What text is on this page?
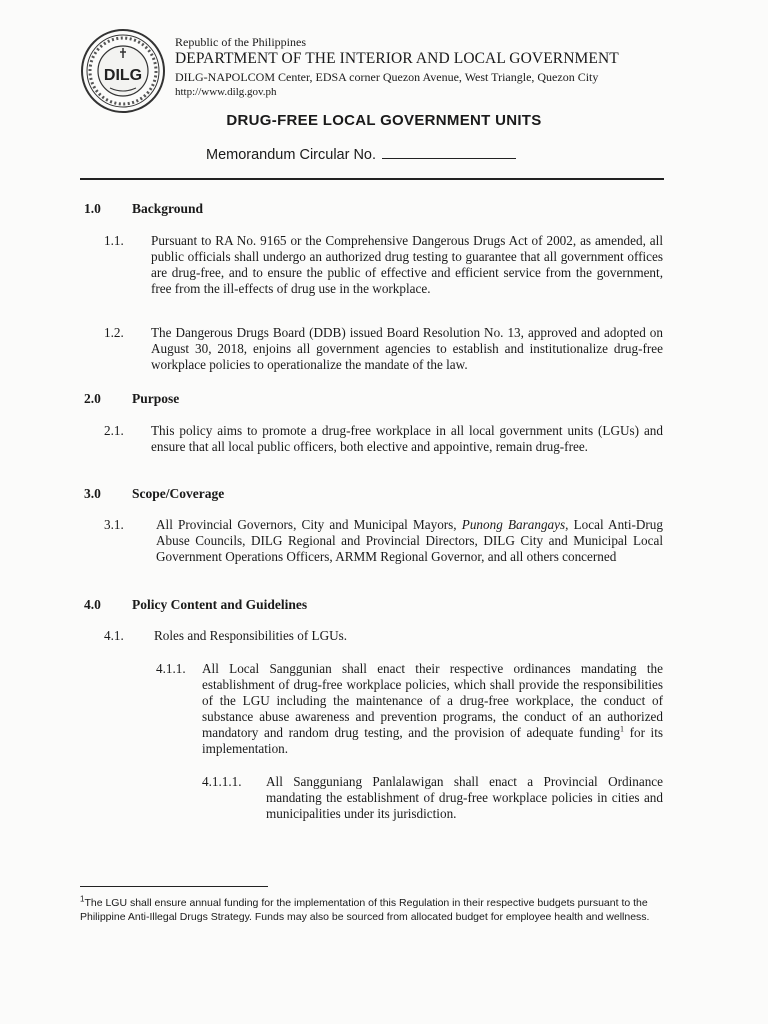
DILG
Republic of the Philippines
DEPARTMENT OF THE INTERIOR AND LOCAL GOVERNMENT
DILG-NAPOLCOM Center, EDSA corner Quezon Avenue, West Triangle, Quezon City
http://www.dilg.gov.ph
DRUG-FREE LOCAL GOVERNMENT UNITS
Memorandum Circular No.
1.0 Background
1.1. Pursuant to RA No. 9165 or the Comprehensive Dangerous Drugs Act of 2002, as amended, all public officials shall undergo an authorized drug testing to guarantee that all government offices are drug-free, and to ensure the public of effective and efficient service from the government, free from the ill-effects of drug use in the workplace.
1.2. The Dangerous Drugs Board (DDB) issued Board Resolution No. 13, approved and adopted on August 30, 2018, enjoins all government agencies to establish and institutionalize drug-free workplace policies to operationalize the mandate of the law.
2.0 Purpose
2.1. This policy aims to promote a drug-free workplace in all local government units (LGUs) and ensure that all local public officers, both elective and appointive, remain drug-free.
3.0 Scope/Coverage
3.1. All Provincial Governors, City and Municipal Mayors, Punong Barangays, Local Anti-Drug Abuse Councils, DILG Regional and Provincial Directors, DILG City and Municipal Local Government Operations Officers, ARMM Regional Governor, and all others concerned
4.0 Policy Content and Guidelines
4.1. Roles and Responsibilities of LGUs.
4.1.1. All Local Sanggunian shall enact their respective ordinances mandating the establishment of drug-free workplace policies, which shall provide the responsibilities of the LGU including the maintenance of a drug-free workplace, the conduct of substance abuse awareness and prevention programs, the conduct of an authorized mandatory and random drug testing, and the provision of adequate funding$^1$ for its implementation.
4.1.1.1. All Sangguniang Panlalawigan shall enact a Provincial Ordinance mandating the establishment of drug-free workplace policies in cities and municipalities under its jurisdiction.
$^1$The LGU shall ensure annual funding for the implementation of this Regulation in their respective budgets pursuant to the Philippine Anti-Illegal Drugs Strategy. Funds may also be sourced from allocated budget for employee health and wellness.
